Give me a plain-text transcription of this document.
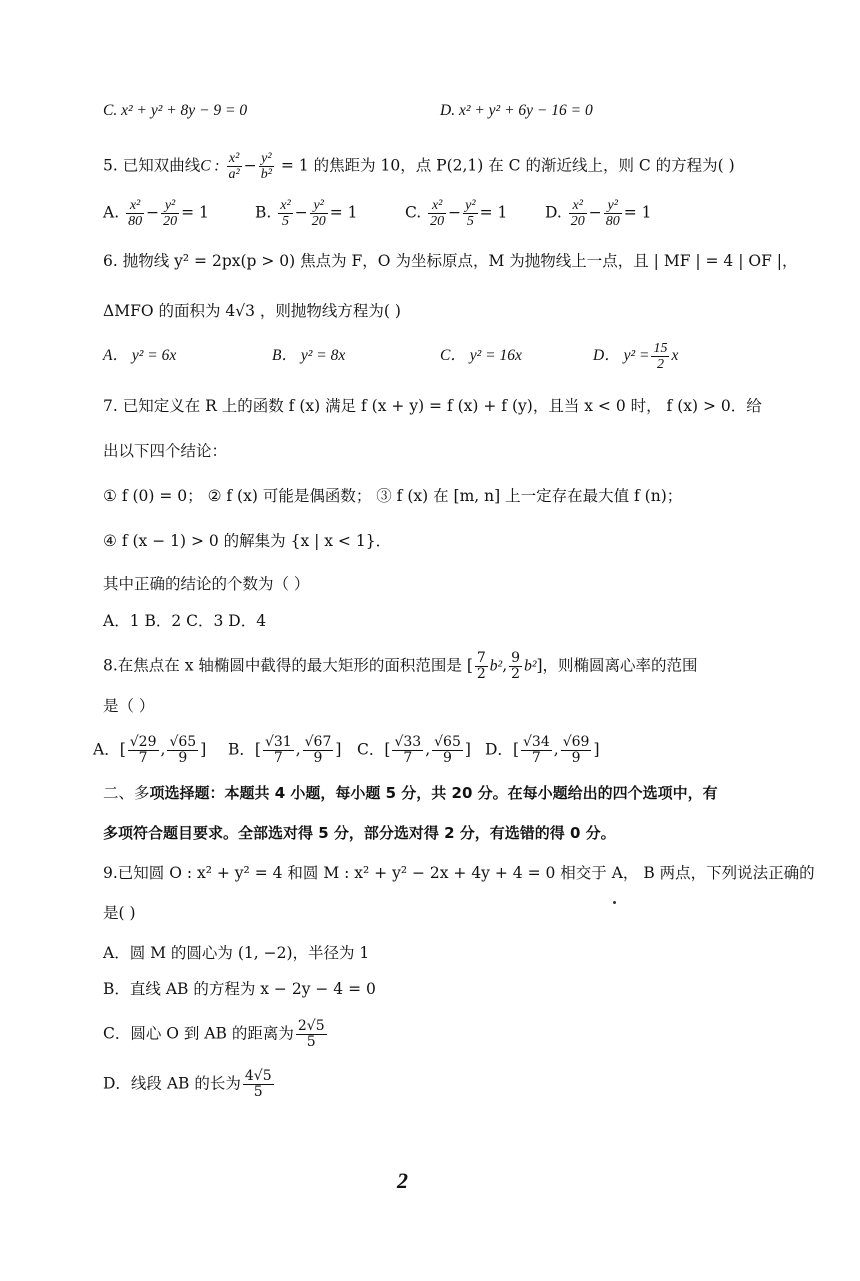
C. x² + y² + 8y − 9 = 0	D. x² + y² + 6y − 16 = 0
5. 已知双曲线C : $\frac{\text{x²}}{\text{a²}} - \frac{\text{y²}}{\text{b²}} = 1$ 的焦距为 10，点 P(2,1) 在 C 的渐近线上，则 C 的方程为( )
A. $\frac{\text{x²}}{80} - \frac{\text{y²}}{20} = 1$	B. $\frac{\text{x²}}{5} - \frac{\text{y²}}{20} = 1$	C. $\frac{\text{x²}}{20} - \frac{\text{y²}}{5} = 1$ D. $\frac{\text{x²}}{20} - \frac{\text{y²}}{80} = 1$
6. 抛物线 y² = 2px(p > 0) 焦点为 F，O 为坐标原点，M 为抛物线上一点，且 | MF | = 4 | OF |，
ΔMFO 的面积为 4√3 ，则抛物线方程为( )
A． y² = 6x	B． y² = 8x	C． y² = 16x	D． $y^2 = \frac{15}{2}$ x
7. 已知定义在 R 上的函数 f (x) 满足 f (x + y) = f (x) + f (y)，且当 x < 0 时， f (x) > 0．给
出以下四个结论：
① f (0) = 0； ② f (x) 可能是偶函数； ③ f (x) 在 [m, n] 上一定存在最大值 f (n)；
④ f (x − 1) > 0 的解集为 {x | x < 1}．
其中正确的结论的个数为（ ）
A．1 B．2 C．3 D．4
8.在焦点在 x 轴椭圆中截得的最大矩形的面积范围是 [ $\frac{7}{2} b^2$, $\frac{9}{2} b^2$]，则椭圆离心率的范围
是（ ）
A．[ $\frac{√29}{7}$ , $\frac{√65}{9}$ ] B．[ $\frac{√31}{7}$ , $\frac{√67}{9}$ ] C．[ $\frac{√33}{7}$ , $\frac{√65}{9}$ ] D．[ $\frac{√34}{7}$ , $\frac{√69}{9}$ ]
二、多项选择题：本题共 4 小题，每小题 5 分，共 20 分。在每小题给出的四个选项中，有
多项符合题目要求。全部选对得 5 分，部分选对得 2 分，有选错的得 0 分。
9.已知圆 O : x² + y² = 4 和圆 M : x² + y² − 2x + 4y + 4 = 0 相交于 A， B 两点，下列说法正确的
是( )
A．圆 M 的圆心为 (1, −2)，半径为 1
B．直线 AB 的方程为 x − 2y − 4 = 0
C．圆心 O 到 AB 的距离为 $\frac{2√5}{5}$
D．线段 AB 的长为 $\frac{4√5}{5}$
2
